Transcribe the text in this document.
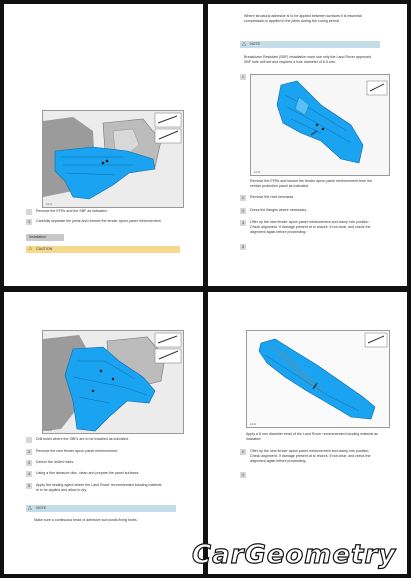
E144
Remove the EFRs and the SBF as indicated.
3	Carefully separate the joints and remove the fender apron panel reinforcement.
Installation
CAUTION
⚠
Where structural adhesive is to be applied between surfaces it is essential
compression is applied to the joints during the curing period.
NOTE
△
Breakdown Resistant (SBF) installation must use only the Land Rover approved
SBF hole drill set and requires a hole diameter of 6.5 mm.
1
E144
Remove the EFRs and loosen the fender apron panel reinforcement from the
vehicle protection panel as indicated.
2	Remove the rivet remnants.
3	Dress the flanges where necessary.
4	Offer up the new fender apron panel reinforcement and clamp into position.
Check alignment. If damage present at to rework. If not clear, and check the
alignment again before proceeding.
5
E145
Drill holes where the SBFs are to be installed as indicated.
2	Remove the new fender apron panel reinforcement.
3	Deburr the drilled holes.
4	Using a fine abrasive disc, clean and prepare the panel surfaces.
5	Apply the sealing agent where the Land Rover recommended bonding material
is to be applied and allow to dry.
NOTE
△
Make sure a continuous bead of adhesive surrounds fixing holes.
E144
Apply a 6 mm diameter bead of the Land Rover recommended bonding material as
indicated.
2	Offer up the new fender apron panel reinforcement and clamp into position.
Check alignment. If damage present at to rework. If not clear, and check the
alignment again before proceeding.
3
CarGeometry
